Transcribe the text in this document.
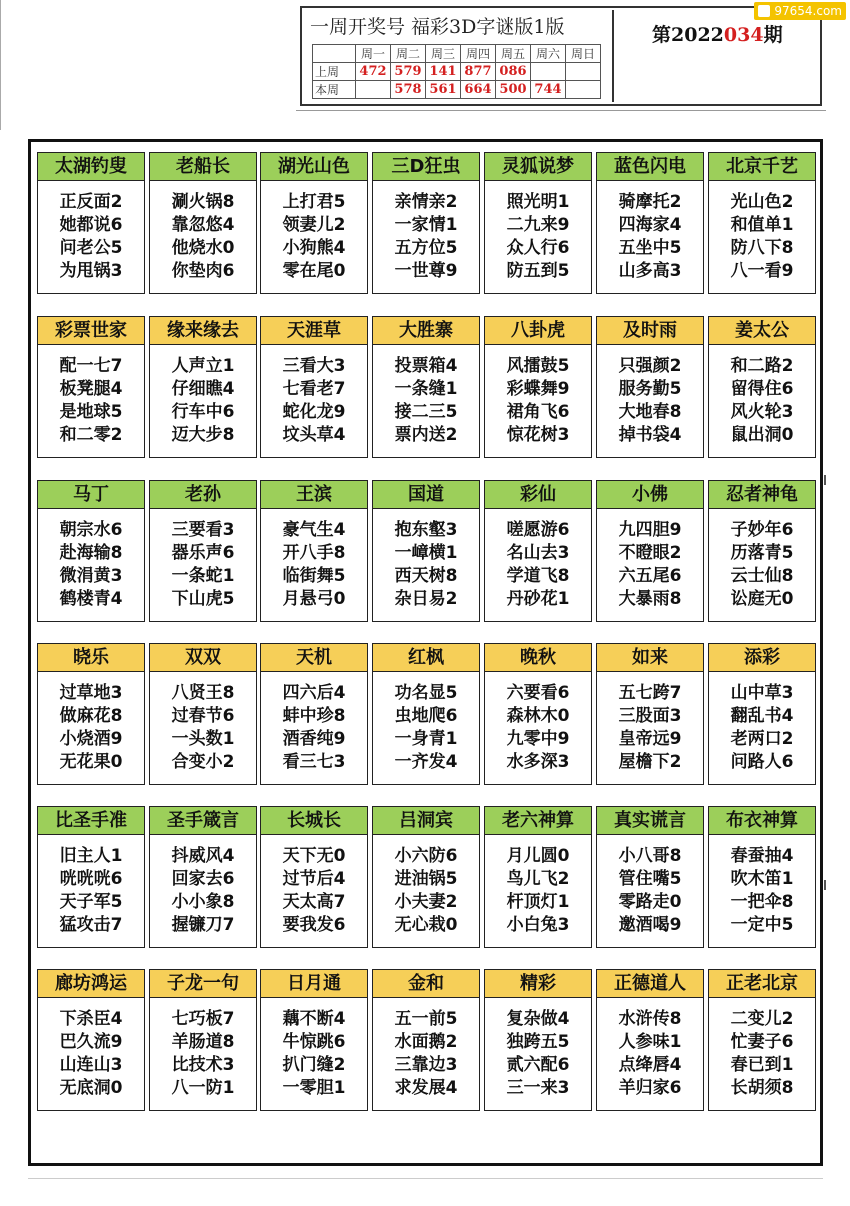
一周开奖号 福彩3D字谜版1版
	周一	周二	周三	周四	周五	周六	周日
上周	472	579	141	877	086		
本周		578	561	664	500	744	
第2022034期
97654.com
太湖钓叟
正反面2
她都说6
问老公5
为甩锅3
老船长
涮火锅8
靠忽悠4
他烧水0
你垫肉6
湖光山色
上打君5
领妻儿2
小狗熊4
零在尾0
三D狂虫
亲情亲2
一家情1
五方位5
一世尊9
灵狐说梦
照光明1
二九来9
众人行6
防五到5
蓝色闪电
骑摩托2
四海家4
五坐中5
山多高3
北京千艺
光山色2
和值单1
防八下8
八一看9
彩票世家
配一七7
板凳腿4
是地球5
和二零2
缘来缘去
人声立1
仔细瞧4
行车中6
迈大步8
天涯草
三看大3
七看老7
蛇化龙9
坟头草4
大胜寨
投票箱4
一条缝1
接二三5
票内送2
八卦虎
风擂鼓5
彩蝶舞9
裙角飞6
惊花树3
及时雨
只强颜2
服务勤5
大地春8
掉书袋4
姜太公
和二路2
留得住6
风火轮3
鼠出洞0
马丁
朝宗水6
赴海输8
微涓黄3
鹤楼青4
老孙
三要看3
器乐声6
一条蛇1
下山虎5
王滨
豪气生4
开八手8
临街舞5
月悬弓0
国道
抱东壑3
一嶂横1
西天树8
杂日易2
彩仙
嗟愿游6
名山去3
学道飞8
丹砂花1
小佛
九四胆9
不瞪眼2
六五尾6
大暴雨8
忍者神龟
子妙年6
历落青5
云士仙8
讼庭无0
晓乐
过草地3
做麻花8
小烧酒9
无花果0
双双
八贤王8
过春节6
一头数1
合变小2
天机
四六后4
蚌中珍8
酒香纯9
看三七3
红枫
功名显5
虫地爬6
一身青1
一齐发4
晚秋
六要看6
森林木0
九零中9
水多深3
如来
五七跨7
三股面3
皇帝远9
屋檐下2
添彩
山中草3
翻乱书4
老两口2
问路人6
比圣手准
旧主人1
咣咣咣6
天子军5
猛攻击7
圣手箴言
抖威风4
回家去6
小小象8
握镰刀7
长城长
天下无0
过节后4
天太高7
要我发6
吕洞宾
小六防6
进油锅5
小夫妻2
无心栽0
老六神算
月儿圆0
鸟儿飞2
杆顶灯1
小白兔3
真实谎言
小八哥8
管住嘴5
零路走0
邀酒喝9
布衣神算
春蚕抽4
吹木笛1
一把伞8
一定中5
廊坊鸿运
下杀臣4
巴久流9
山连山3
无底洞0
子龙一句
七巧板7
羊肠道8
比技术3
八一防1
日月通
藕不断4
牛惊跳6
扒门缝2
一零胆1
金和
五一前5
水面鹅2
三靠边3
求发展4
精彩
复杂做4
独跨五5
贰六配6
三一来3
正德道人
水浒传8
人参味1
点绛唇4
羊归家6
正老北京
二变儿2
忙妻子6
春已到1
长胡须8
